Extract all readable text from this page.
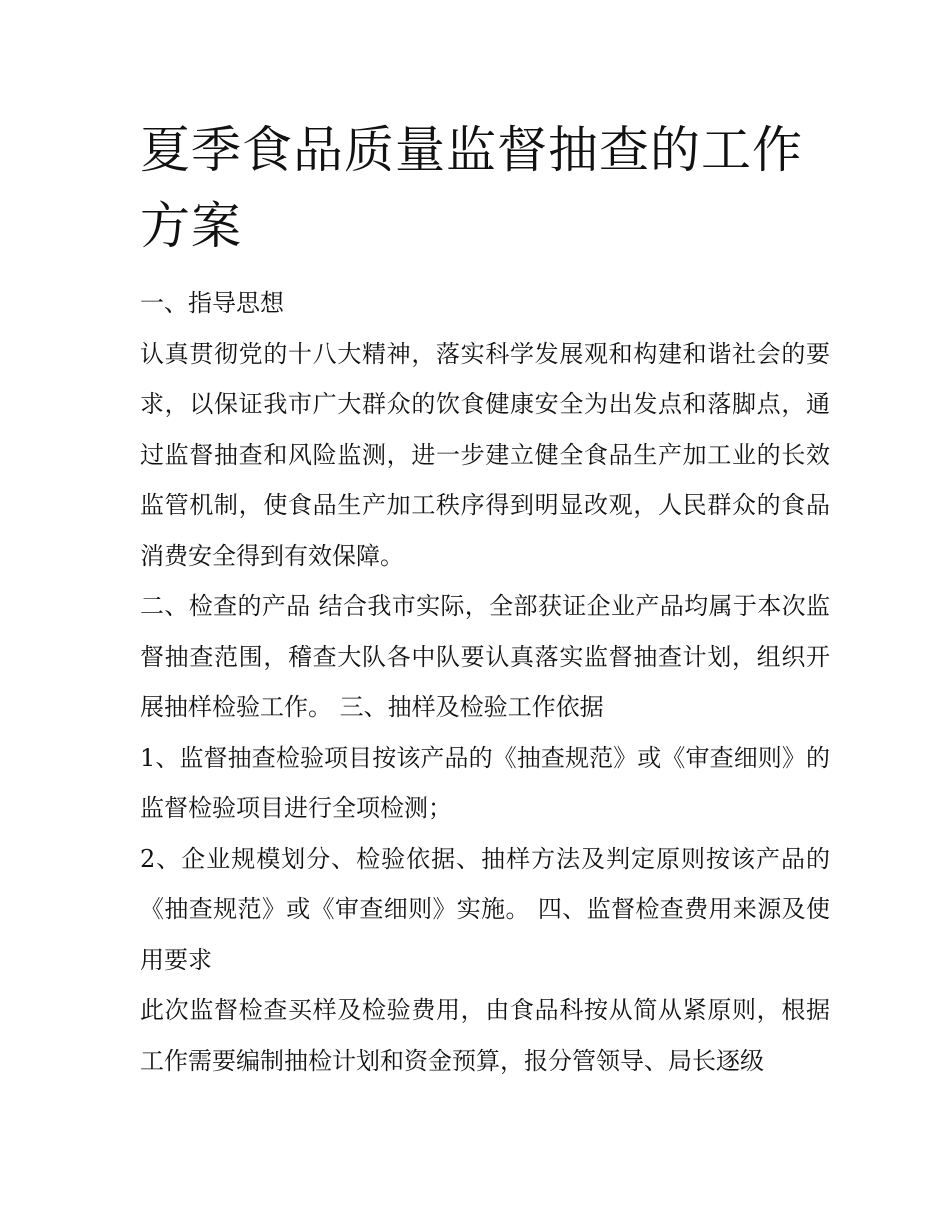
夏季食品质量监督抽查的工作
方案

一、指导思想

认真贯彻党的十八大精神，落实科学发展观和构建和谐社会的要求，以保证我市广大群众的饮食健康安全为出发点和落脚点，通过监督抽查和风险监测，进一步建立健全食品生产加工业的长效监管机制，使食品生产加工秩序得到明显改观，人民群众的食品消费安全得到有效保障。

二、检查的产品 结合我市实际，全部获证企业产品均属于本次监督抽查范围，稽查大队各中队要认真落实监督抽查计划，组织开展抽样检验工作。 三、抽样及检验工作依据

1、监督抽查检验项目按该产品的《抽查规范》或《审查细则》的监督检验项目进行全项检测；

2、企业规模划分、检验依据、抽样方法及判定原则按该产品的《抽查规范》或《审查细则》实施。 四、监督检查费用来源及使用要求

此次监督检查买样及检验费用，由食品科按从简从紧原则，根据工作需要编制抽检计划和资金预算，报分管领导、局长逐级
